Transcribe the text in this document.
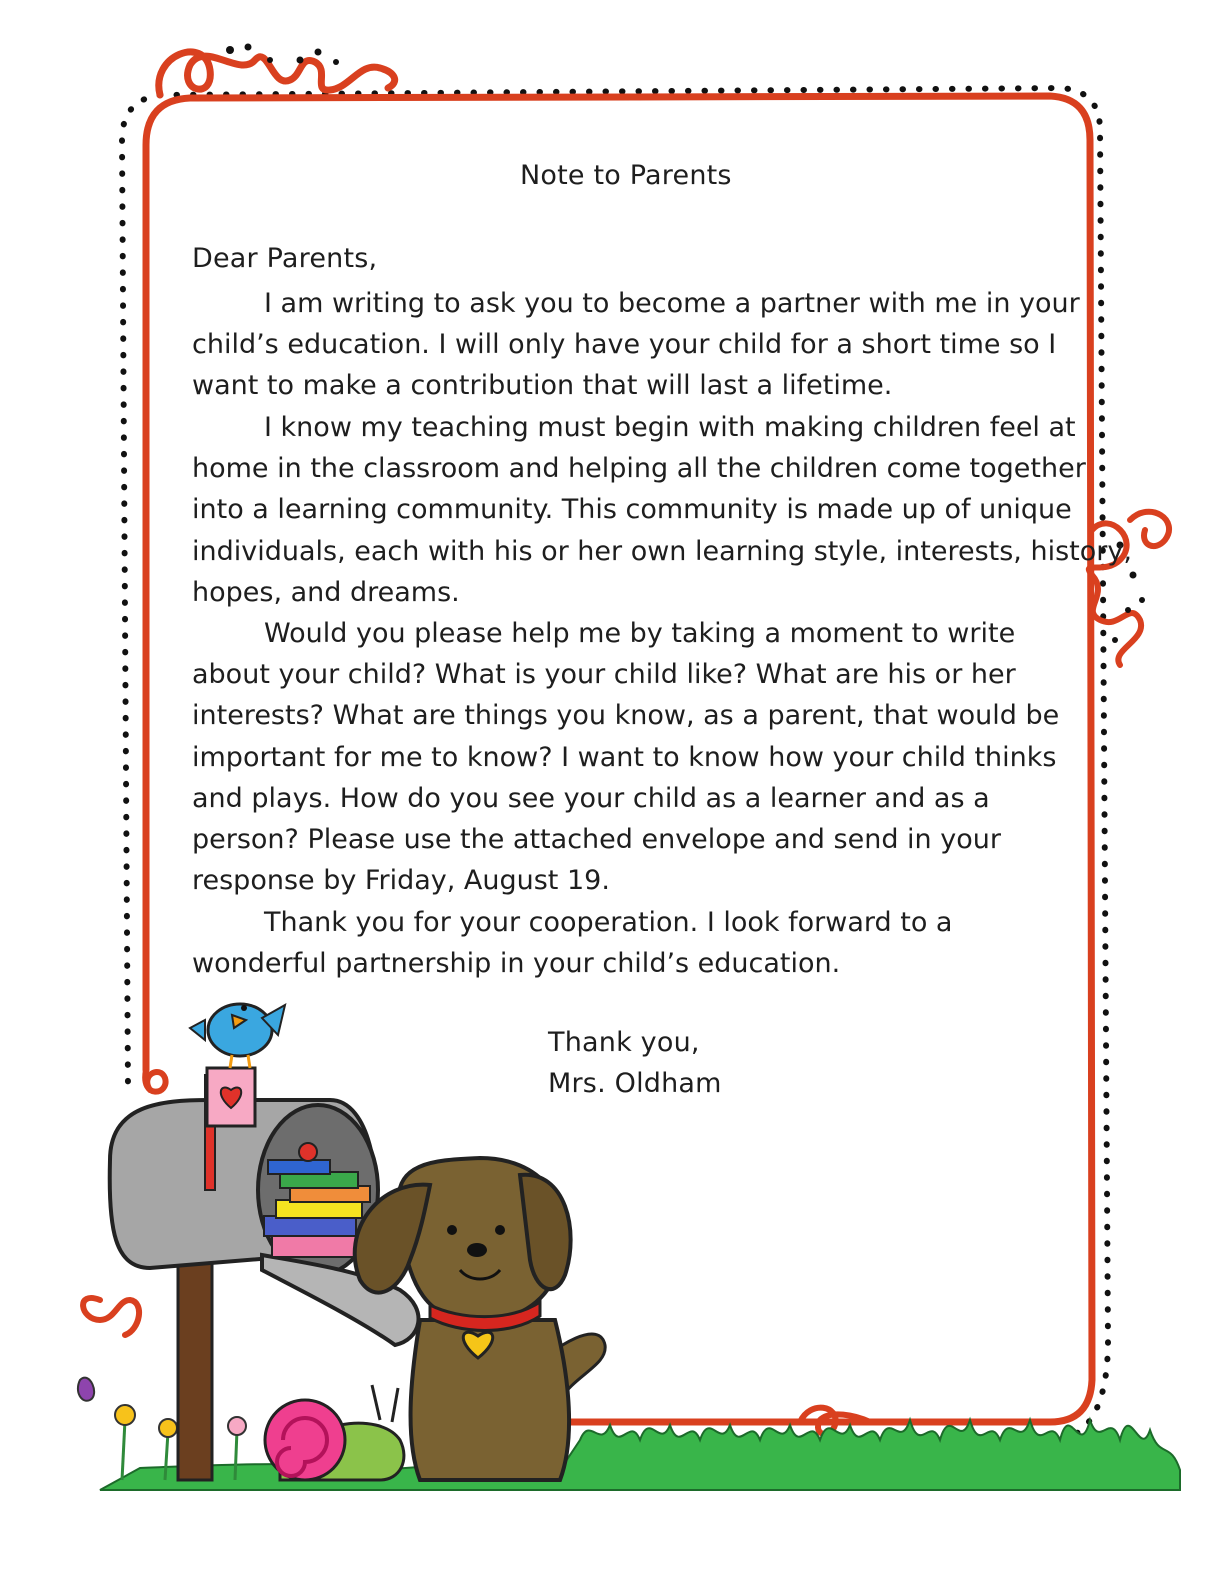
Note to Parents
Dear Parents,
I am writing to ask you to become a partner with me in your
child’s education. I will only have your child for a short time so I
want to make a contribution that will last a lifetime.
I know my teaching must begin with making children feel at
home in the classroom and helping all the children come together
into a learning community. This community is made up of unique
individuals, each with his or her own learning style, interests, history,
hopes, and dreams.
Would you please help me by taking a moment to write
about your child? What is your child like? What are his or her
interests? What are things you know, as a parent, that would be
important for me to know? I want to know how your child thinks
and plays. How do you see your child as a learner and as a
person? Please use the attached envelope and send in your
response by Friday, August 19.
Thank you for your cooperation. I look forward to a
wonderful partnership in your child’s education.
Thank you,
Mrs. Oldham
